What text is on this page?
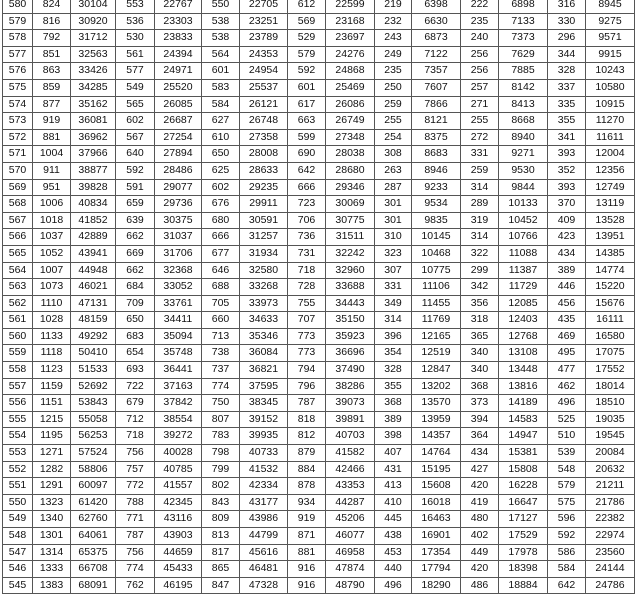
580	824	30104	553	22767	550	22705	612	22599	219	6398	222	6898	316	8945
579	816	30920	536	23303	538	23251	569	23168	232	6630	235	7133	330	9275
578	792	31712	530	23833	538	23789	529	23697	243	6873	240	7373	296	9571
577	851	32563	561	24394	564	24353	579	24276	249	7122	256	7629	344	9915
576	863	33426	577	24971	601	24954	592	24868	235	7357	256	7885	328	10243
575	859	34285	549	25520	583	25537	601	25469	250	7607	257	8142	337	10580
574	877	35162	565	26085	584	26121	617	26086	259	7866	271	8413	335	10915
573	919	36081	602	26687	627	26748	663	26749	255	8121	255	8668	355	11270
572	881	36962	567	27254	610	27358	599	27348	254	8375	272	8940	341	11611
571	1004	37966	640	27894	650	28008	690	28038	308	8683	331	9271	393	12004
570	911	38877	592	28486	625	28633	642	28680	263	8946	259	9530	352	12356
569	951	39828	591	29077	602	29235	666	29346	287	9233	314	9844	393	12749
568	1006	40834	659	29736	676	29911	723	30069	301	9534	289	10133	370	13119
567	1018	41852	639	30375	680	30591	706	30775	301	9835	319	10452	409	13528
566	1037	42889	662	31037	666	31257	736	31511	310	10145	314	10766	423	13951
565	1052	43941	669	31706	677	31934	731	32242	323	10468	322	11088	434	14385
564	1007	44948	662	32368	646	32580	718	32960	307	10775	299	11387	389	14774
563	1073	46021	684	33052	688	33268	728	33688	331	11106	342	11729	446	15220
562	1110	47131	709	33761	705	33973	755	34443	349	11455	356	12085	456	15676
561	1028	48159	650	34411	660	34633	707	35150	314	11769	318	12403	435	16111
560	1133	49292	683	35094	713	35346	773	35923	396	12165	365	12768	469	16580
559	1118	50410	654	35748	738	36084	773	36696	354	12519	340	13108	495	17075
558	1123	51533	693	36441	737	36821	794	37490	328	12847	340	13448	477	17552
557	1159	52692	722	37163	774	37595	796	38286	355	13202	368	13816	462	18014
556	1151	53843	679	37842	750	38345	787	39073	368	13570	373	14189	496	18510
555	1215	55058	712	38554	807	39152	818	39891	389	13959	394	14583	525	19035
554	1195	56253	718	39272	783	39935	812	40703	398	14357	364	14947	510	19545
553	1271	57524	756	40028	798	40733	879	41582	407	14764	434	15381	539	20084
552	1282	58806	757	40785	799	41532	884	42466	431	15195	427	15808	548	20632
551	1291	60097	772	41557	802	42334	878	43353	413	15608	420	16228	579	21211
550	1323	61420	788	42345	843	43177	934	44287	410	16018	419	16647	575	21786
549	1340	62760	771	43116	809	43986	919	45206	445	16463	480	17127	596	22382
548	1301	64061	787	43903	813	44799	871	46077	438	16901	402	17529	592	22974
547	1314	65375	756	44659	817	45616	881	46958	453	17354	449	17978	586	23560
546	1333	66708	774	45433	865	46481	916	47874	440	17794	420	18398	584	24144
545	1383	68091	762	46195	847	47328	916	48790	496	18290	486	18884	642	24786
